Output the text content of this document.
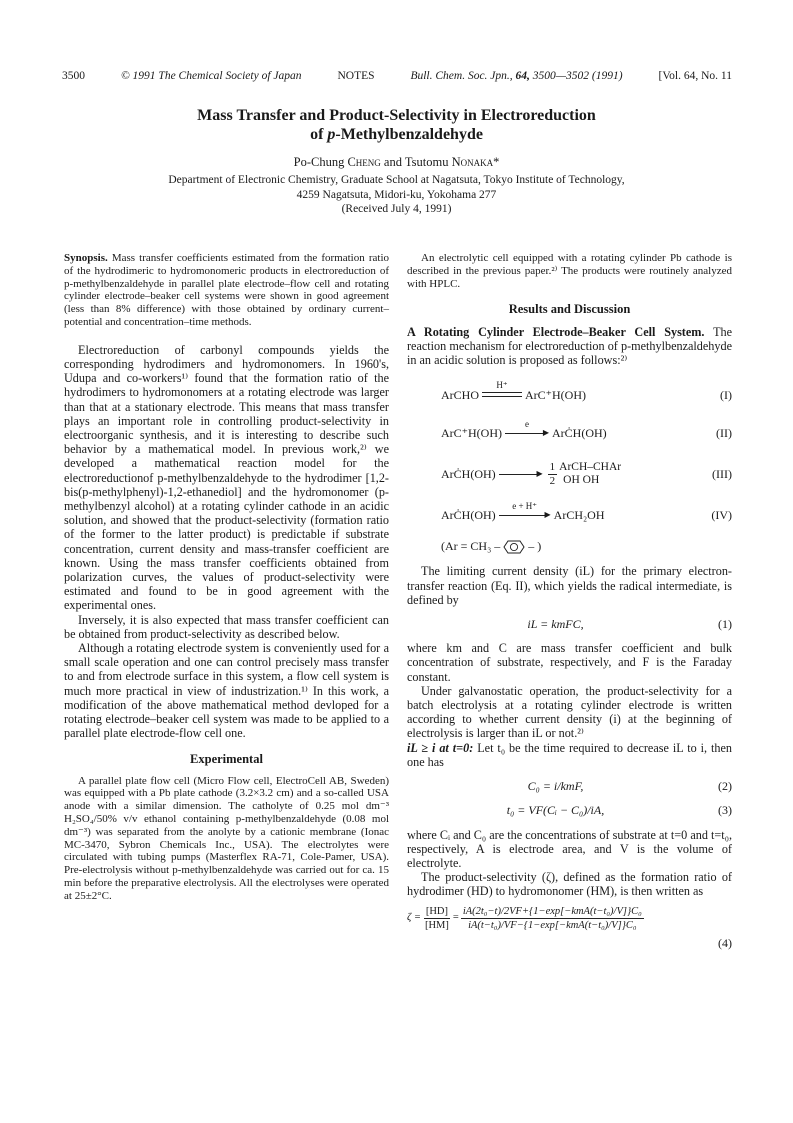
3500	© 1991 The Chemical Society of Japan	NOTES	Bull. Chem. Soc. Jpn., 64, 3500—3502 (1991)	[Vol. 64, No. 11
Mass Transfer and Product-Selectivity in Electroreduction
of p-Methylbenzaldehyde
Po-Chung Cheng and Tsutomu Nonaka*
Department of Electronic Chemistry, Graduate School at Nagatsuta, Tokyo Institute of Technology,
4259 Nagatsuta, Midori-ku, Yokohama 277
(Received July 4, 1991)
Synopsis. Mass transfer coefficients estimated from the formation ratio of the hydrodimeric to hydromonomeric products in electroreduction of p-methylbenzaldehyde in parallel plate electrode–flow cell and rotating cylinder electrode–beaker cell systems were shown in good agreement (less than 8% difference) with those obtained by ordinary current–potential and concentration–time methods.

Electroreduction of carbonyl compounds yields the corresponding hydrodimers and hydromonomers. In 1960's, Udupa and co-workers¹⁾ found that the formation ratio of the hydrodimers to hydromonomers at a rotating electrode was larger than that at a stationary electrode. This means that mass transfer plays an important role in controlling product-selectivity in electroorganic synthesis, and it is interesting to describe such behavior by a mathematical model. In previous work,²⁾ we developed a mathematical reaction model for the electroreductionof p-methylbenzaldehyde to the hydrodimer [1,2-bis(p-methylphenyl)-1,2-ethanediol] and the hydromonomer (p-methylbenzyl alcohol) at a rotating cylinder cathode in an acidic solution, and showed that the product-selectivity (formation ratio of the former to the latter product) is predictable if substrate concentration, current density and mass-transfer coefficient are known. Using the mass transfer coefficients obtained from polarization curves, the values of product-selectivity were estimated and found to be in good agreement with the experimental ones.

Inversely, it is also expected that mass transfer coefficient can be obtained from product-selectivity as described below.

Although a rotating electrode system is conveniently used for a small scale operation and one can control precisely mass transfer to and from electrode surface in this system, a flow cell system is much more practical in view of industrization.¹⁾ In this work, a modification of the above mathematical method devloped for a rotating electrode–beaker cell system was made to be applied to a parallel plate electrode-flow cell one.

Experimental

A parallel plate flow cell (Micro Flow cell, ElectroCell AB, Sweden) was equipped with a Pb plate cathode (3.2×3.2 cm) and a so-called USA anode with a similar dimension. The catholyte of 0.25 mol dm⁻³ H₂SO₄/50% v/v ethanol containing p-methylbenzaldehyde (0.08 mol dm⁻³) was separated from the anolyte by a cationic membrane (Ionac MC-3470, Sybron Chemicals Inc., USA). The electrolytes were circulated with tubing pumps (Masterflex RA-71, Cole-Pamer, USA). Pre-electrolysis without p-methylbenzaldehyde was carried out for ca. 15 min before the preparative electrolysis. All the electrolyses were operated at 25±2°C.

An electrolytic cell equipped with a rotating cylinder Pb cathode is described in the previous paper.²⁾ The products were routinely analyzed with HPLC.

Results and Discussion

A Rotating Cylinder Electrode–Beaker Cell System. The reaction mechanism for electroreduction of p-methylbenzaldehyde in an acidic solution is proposed as follows:²⁾

ArCHO
H⁺
ArC⁺H(OH)	(I)
ArC⁺H(OH)
e
▶ ArĊH(OH)	(II)
ArĊH(OH)	▶ $\frac{1}{2}$ ArCH–CHAr
OH OH	(III)
ArĊH(OH)
e + H⁺
▶ ArCH₂OH	(IV)
(Ar = CH₃ – – )

The limiting current density (iL) for the primary electron-transfer reaction (Eq. II), which yields the radical intermediate, is defined by

iL = kmFC,	(1)

where km and C are mass transfer coefficient and bulk concentration of substrate, respectively, and F is the Faraday constant.

Under galvanostatic operation, the product-selectivity for a batch electrolysis at a rotating cylinder electrode is written according to whether current density (i) at the beginning of electrolysis is larger than iL or not.²⁾

iL ≥ i at t=0: Let t₀ be the time required to decrease iL to i, then one has

C₀ = i/kmF,	(2)
t₀ = VF(Cᵢ − C₀)/iA,	(3)

where Cᵢ and C₀ are the concentrations of substrate at t=0 and t=t₀, respectively, A is electrode area, and V is the volume of electrolyte.

The product-selectivity (ζ), defined as the formation ratio of hydrodimer (HD) to hydromonomer (HM), is then written as

$\zeta = \frac{[HD]}{[HM]} = \frac{\text{iA(2t₀−t)/2VF+\{1−exp[−kmA(t−t₀)/V]\}C₀}}{\text{iA(t−t₀)/VF−\{1−exp[−kmA(t−t₀)/V]\}C₀}}$
(4)
